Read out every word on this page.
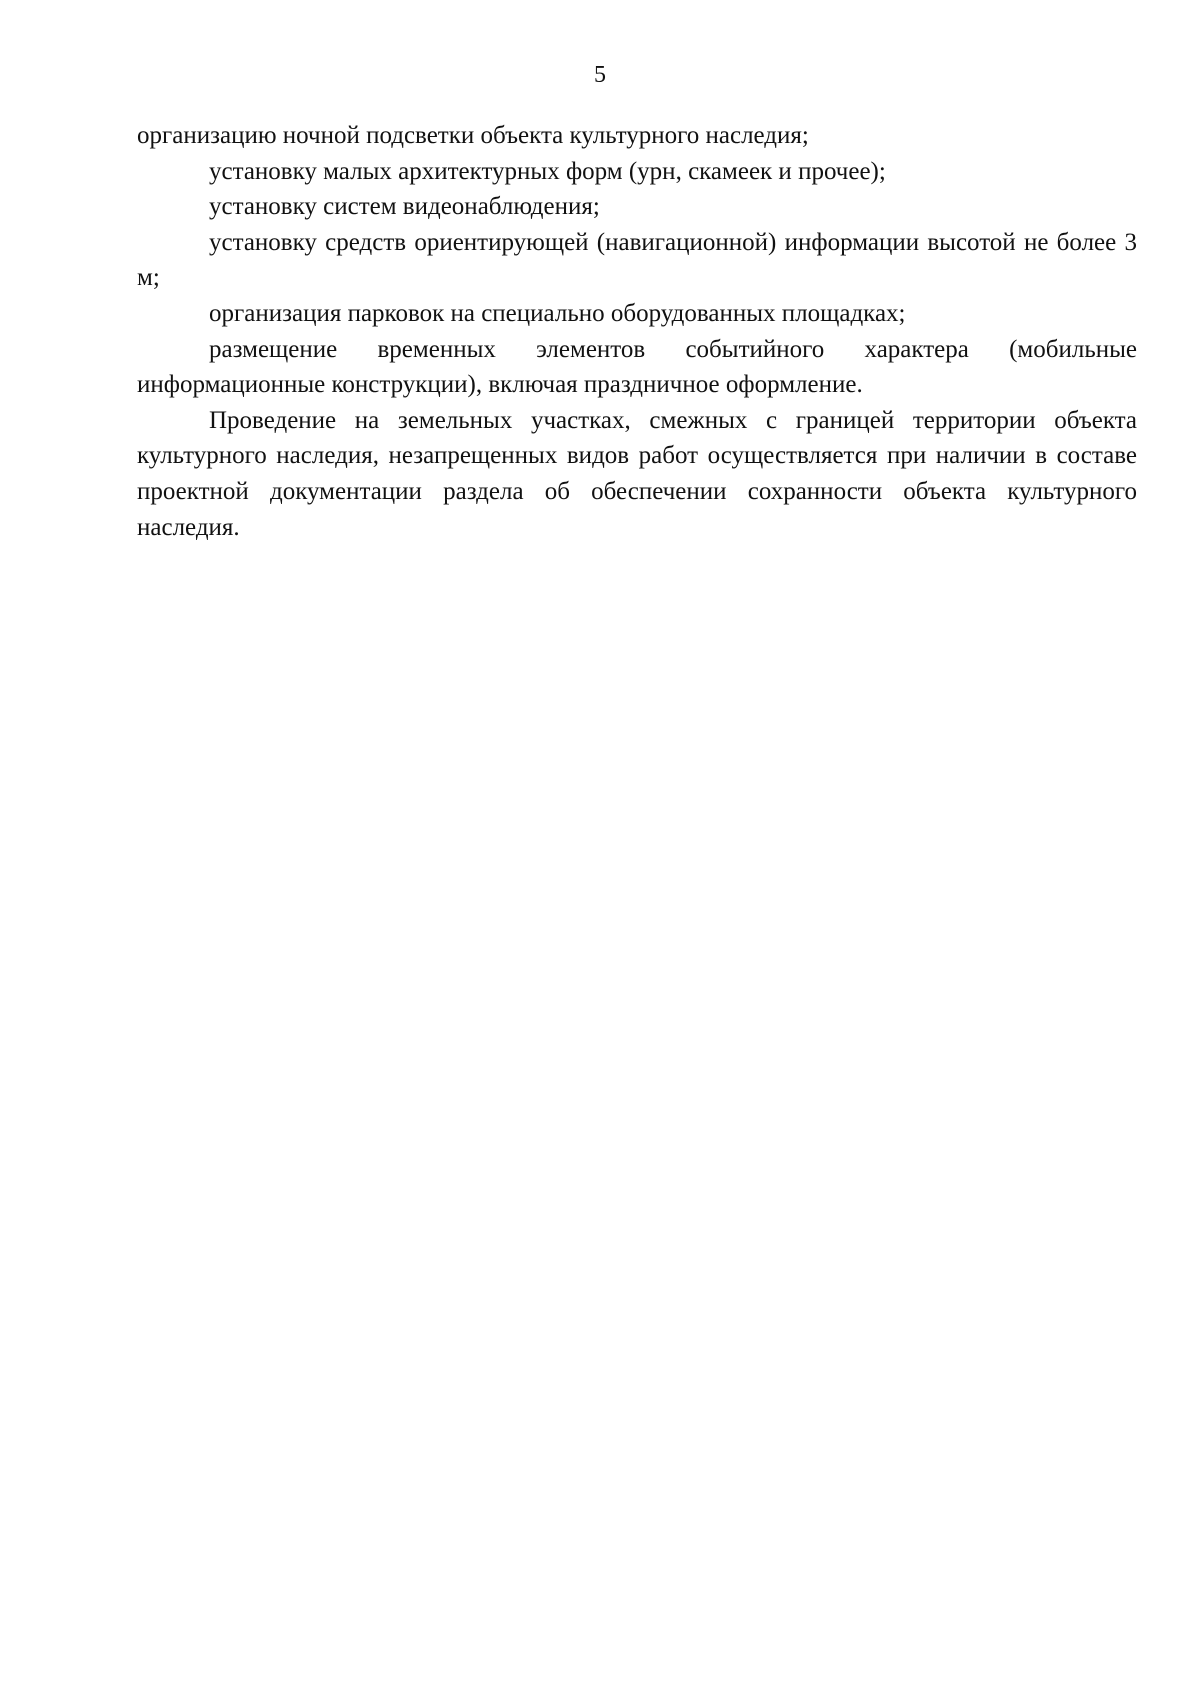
5

организацию ночной подсветки объекта культурного наследия;

установку малых архитектурных форм (урн, скамеек и прочее);

установку систем видеонаблюдения;

установку средств ориентирующей (навигационной) информации высотой не более 3 м;

организация парковок на специально оборудованных площадках;

размещение временных элементов событийного характера (мобильные информационные конструкции), включая праздничное оформление.

Проведение на земельных участках, смежных с границей территории объекта культурного наследия, незапрещенных видов работ осуществляется при наличии в составе проектной документации раздела об обеспечении сохранности объекта культурного наследия.
